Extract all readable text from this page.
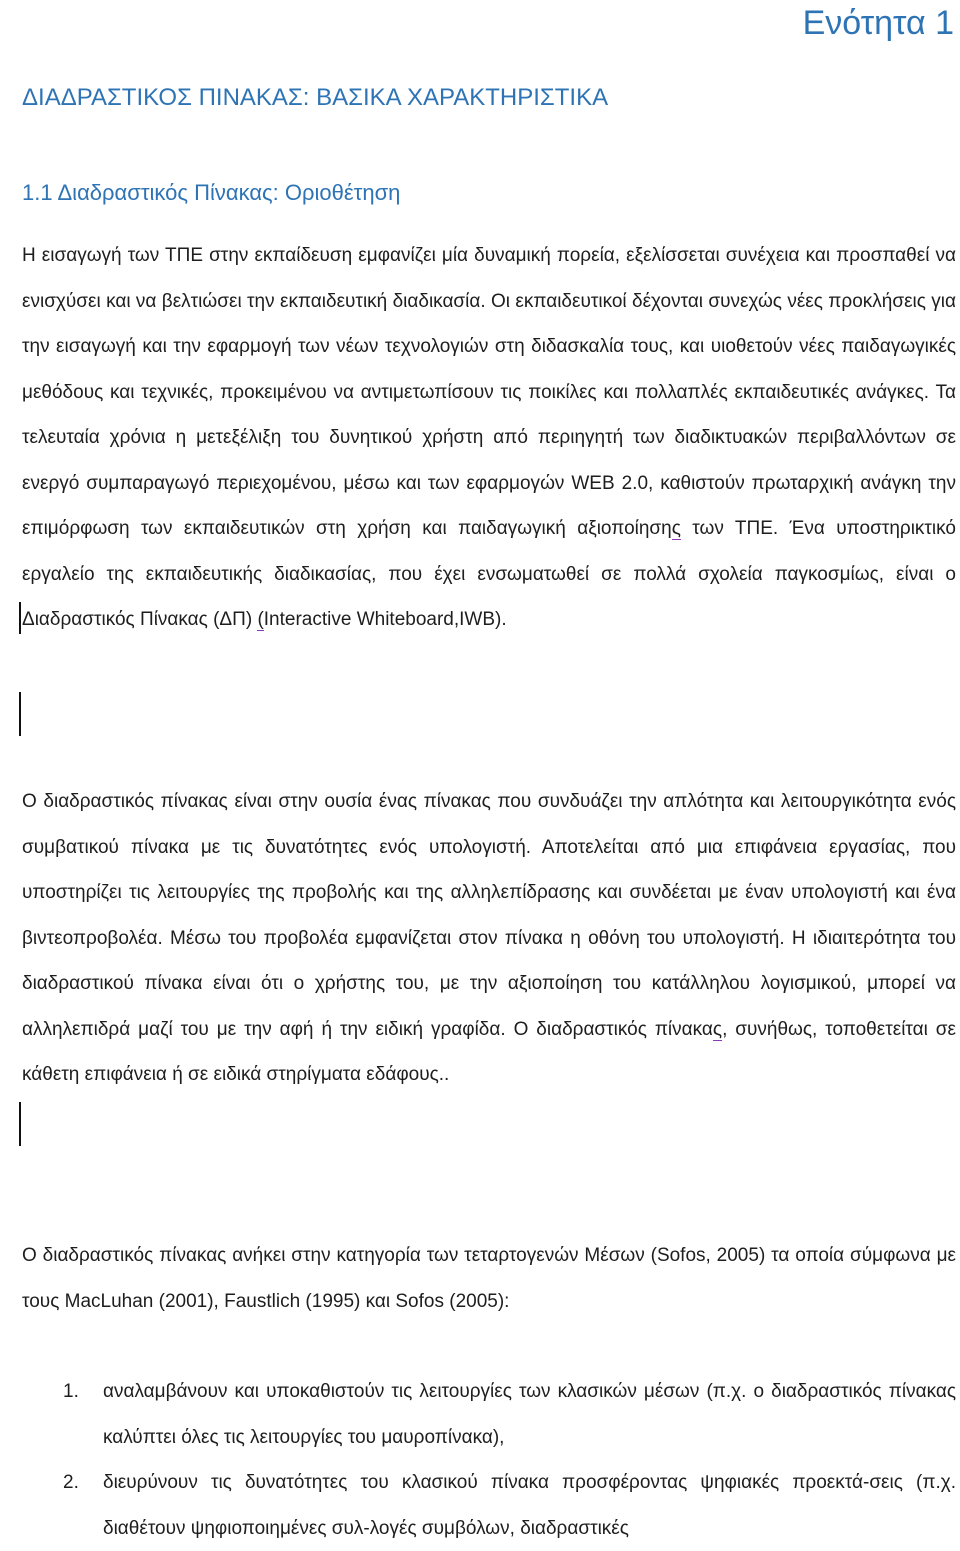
Ενότητα 1
ΔΙΑΔΡΑΣΤΙΚΟΣ ΠΙΝΑΚΑΣ: ΒΑΣΙΚΑ ΧΑΡΑΚΤΗΡΙΣΤΙΚΑ
1.1 Διαδραστικός Πίνακας: Οριοθέτηση

Η εισαγωγή των ΤΠΕ στην εκπαίδευση εμφανίζει μία δυναμική πορεία, εξελίσσεται συνέχεια και προσπαθεί να ενισχύσει και να βελτιώσει την εκπαιδευτική διαδικασία. Οι εκπαιδευτικοί δέχονται συνεχώς νέες προκλήσεις για την εισαγωγή και την εφαρμογή των νέων τεχνολογιών στη διδασκαλία τους, και υιοθετούν νέες παιδαγωγικές μεθόδους και τεχνικές, προκειμένου να αντιμετωπίσουν τις ποικίλες και πολλαπλές εκπαιδευτικές ανάγκες. Τα τελευταία χρόνια η μετεξέλιξη του δυνητικού χρήστη από περιηγητή των διαδικτυακών περιβαλλόντων σε ενεργό συμπαραγωγό περιεχομένου, μέσω και των εφαρμογών WEB 2.0, καθιστούν πρωταρχική ανάγκη την επιμόρφωση των εκπαιδευτικών στη χρήση και παιδαγωγική αξιοποίησης των ΤΠΕ. Ένα υποστηρικτικό εργαλείο της εκπαιδευτικής διαδικασίας, που έχει ενσωματωθεί σε πολλά σχολεία παγκοσμίως, είναι ο Διαδραστικός Πίνακας (ΔΠ) (Interactive Whiteboard,IWB).

Ο διαδραστικός πίνακας είναι στην ουσία ένας πίνακας που συνδυάζει την απλότητα και λειτουργικότητα ενός συμβατικού πίνακα με τις δυνατότητες ενός υπολογιστή. Αποτελείται από μια επιφάνεια εργασίας, που υποστηρίζει τις λειτουργίες της προβολής και της αλληλεπίδρασης και συνδέεται με έναν υπολογιστή και ένα βιντεοπροβολέα. Μέσω του προβολέα εμφανίζεται στον πίνακα η οθόνη του υπολογιστή. Η ιδιαιτερότητα του διαδραστικού πίνακα είναι ότι ο χρήστης του, με την αξιοποίηση του κατάλληλου λογισμικού, μπορεί να αλληλεπιδρά μαζί του με την αφή ή την ειδική γραφίδα. Ο διαδραστικός πίνακας, συνήθως, τοποθετείται σε κάθετη επιφάνεια ή σε ειδικά στηρίγματα εδάφους..

Ο διαδραστικός πίνακας ανήκει στην κατηγορία των τεταρτογενών Μέσων (Sofos, 2005) τα οποία σύμφωνα με τους MacLuhan (2001), Faustlich (1995) και Sofos (2005):

1. αναλαμβάνουν και υποκαθιστούν τις λειτουργίες των κλασικών μέσων (π.χ. ο διαδραστικός πίνακας καλύπτει όλες τις λειτουργίες του μαυροπίνακα),
2. διευρύνουν τις δυνατότητες του κλασικού πίνακα προσφέροντας ψηφιακές προεκτά-σεις (π.χ. διαθέτουν ψηφιοποιημένες συλ-λογές συμβόλων, διαδραστικές
